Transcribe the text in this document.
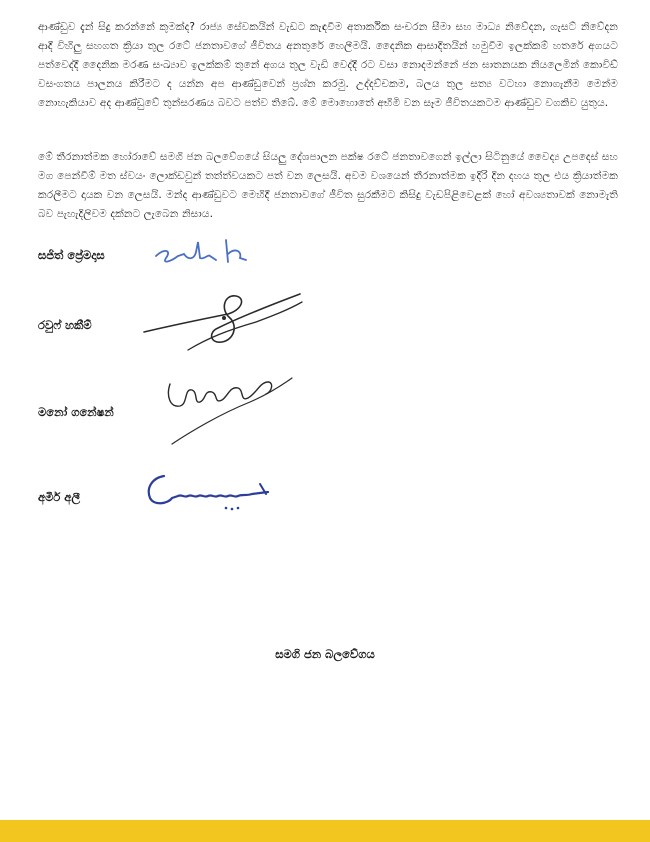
ආණ්ඩුව දැන් සිදු කරන්නේ කුමක්ද? රාජ්‍ය සේවකයින් වැඩට කැඳවීම අතාර්කික සංචරන සීමා සහ මාධ්‍ය නිවේදන, ගැසට් නිවේදන ආදී විහිලු සහගත ක්‍රියා තුල රටේ ජනතාවගේ ජීවිතය අනතුරේ හෙලීමයි. දෛනික ආසාදිතයින් හමුවීම ඉලක්කම් හතරේ අගයට පත්වෙද්දී දෛනික මරණ සංඛ්‍යාව ඉලක්කම් තුනේ අගය තුල වැඩි වෙද්දී රට වසා නොදමන්නේ ජන ඝාතනයක නියලෙමින් කොවිඩ් වසංගතය පාලනය කිරීමට ද යන්න අප ආණ්ඩුවෙන් ප්‍රශ්න කරමු. උද්දච්චකම, බලය තුල සත්‍ය වටහා නොගැනීම මෙන්ම නොහැකියාව අද ආණ්ඩුවේ තුන්සරණය බවට පත්ව තිබේ. මේ මොහොතේ අභිමි වන සෑම ජීවිතයකටම ආණ්ඩුව වගකිව යුතුය.

මේ තීරනාත්මක හෝරාවේ සමගි ජන බලවේගයේ සියලු දේශපාලන පක්ෂ රටේ ජනතාවගෙන් ඉල්ලා සිටිනුයේ වෛද්‍ය උපදෙස් සහ මග පෙන්වීම් මත ස්වයං ලොක්ඩවුන් තත්ත්වයකට පත් වන ලෙසයි. අවම වශයෙන් තීරනාත්මක ඉදිරි දින දහය තුල එය ක්‍රියාත්මක කරලීමට දායක වන ලෙසයි. මන්ද ආණ්ඩුවට මෙහිදී ජනතාවගේ ජීවිත සුරකීමට කිසිදු වැඩපිළිවෙළක් හෝ අවශ්‍යතාවක් නොමැති බව පැහැදිලිවම දක්නට ලැබෙන නිසාය.

සජිත් ප්‍රේමදාස

රවුෆ් හකීම්

මනෝ ගනේෂන්

අමීර් අලී

සමගි ජන බලවේගය
